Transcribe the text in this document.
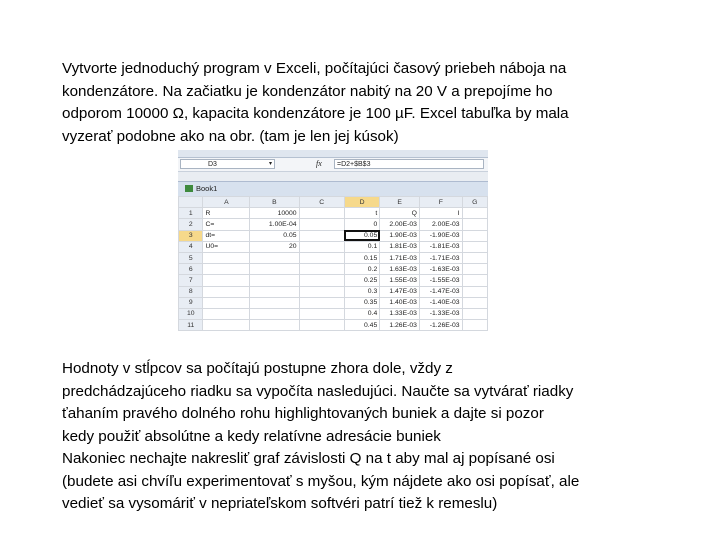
Vytvorte jednoduchý program v Exceli, počítajúci časový priebeh náboja na
kondenzátore. Na začiatku je kondenzátor nabitý na 20 V a prepojíme ho
odporom 10000 Ω, kapacita kondenzátore je 100 µF. Excel tabuľka by mala
vyzerať podobne ako na obr. (tam je len jej kúsok)
D3	▾	fx	=D2+$B$3
Book1
	A	B	C	D	E	F	G
1	R	10000		t	Q	I	
2	C=	1.00E-04		0	2.00E-03	2.00E-03	
3	dt=	0.05		0.05	1.90E-03	-1.90E-03	
4	U0=	20		0.1	1.81E-03	-1.81E-03	
5				0.15	1.71E-03	-1.71E-03	
6				0.2	1.63E-03	-1.63E-03	
7				0.25	1.55E-03	-1.55E-03	
8				0.3	1.47E-03	-1.47E-03	
9				0.35	1.40E-03	-1.40E-03	
10				0.4	1.33E-03	-1.33E-03	
11				0.45	1.26E-03	-1.26E-03	
Hodnoty v stĺpcov sa počítajú postupne zhora dole, vždy z
predchádzajúceho riadku sa vypočíta nasledujúci. Naučte sa vytvárať riadky
ťahaním pravého dolného rohu highlightovaných buniek a dajte si pozor
kedy použiť absolútne a kedy relatívne adresácie buniek
Nakoniec nechajte nakresliť graf závislosti Q na t aby mal aj popísané osi
(budete asi chvíľu experimentovať s myšou, kým nájdete ako osi popísať, ale
vedieť sa vysomáriť v nepriateľskom softvéri patrí tiež k remeslu)
